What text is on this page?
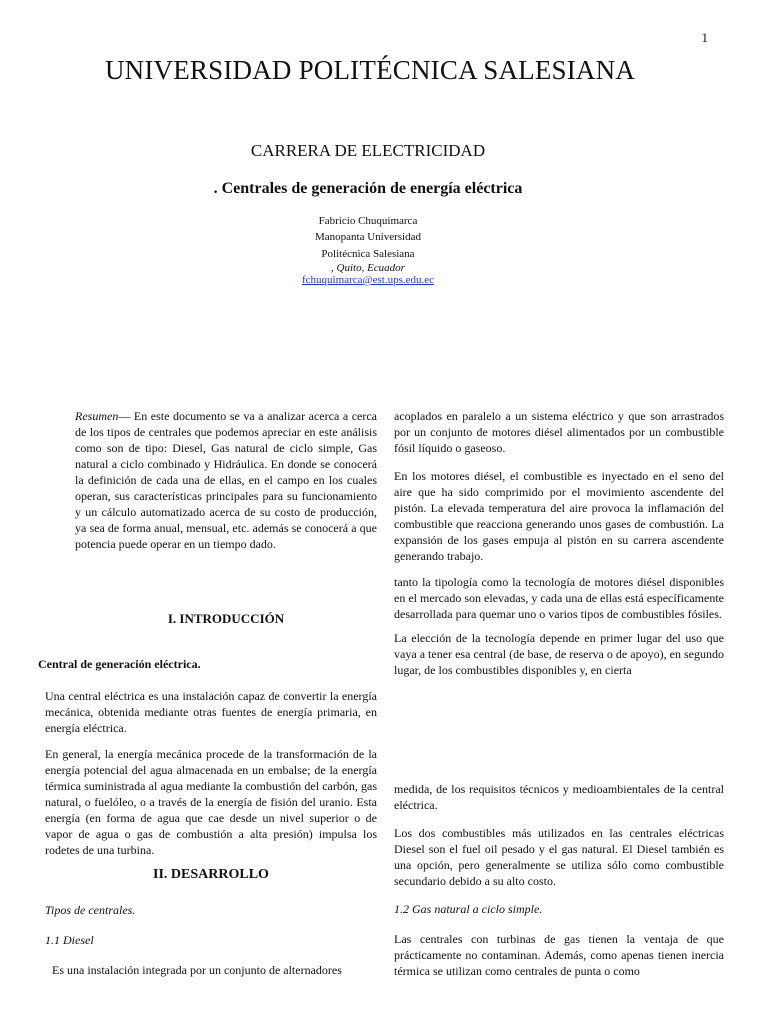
1
UNIVERSIDAD POLITÉCNICA SALESIANA
CARRERA DE ELECTRICIDAD
. Centrales de generación de energía eléctrica
Fabricio Chuquimarca
Manopanta Universidad
Politécnica Salesiana
, Quito, Ecuador
fchuquimarca@est.ups.edu.ec
Resumen— En este documento se va a analizar acerca a cerca de los tipos de centrales que podemos apreciar en este análisis como son de tipo: Diesel, Gas natural de ciclo simple, Gas natural a ciclo combinado y Hidráulica. En donde se conocerá la definición de cada una de ellas, en el campo en los cuales operan, sus características principales para su funcionamiento y un cálculo automatizado acerca de su costo de producción, ya sea de forma anual, mensual, etc. además se conocerá a que potencia puede operar en un tiempo dado.
I. INTRODUCCIÓN
Central de generación eléctrica.
Una central eléctrica es una instalación capaz de convertir la energía mecánica, obtenida mediante otras fuentes de energía primaria, en energía eléctrica.
En general, la energía mecánica procede de la transformación de la energía potencial del agua almacenada en un embalse; de la energía térmica suministrada al agua mediante la combustión del carbón, gas natural, o fuelóleo, o a través de la energía de fisión del uranio. Esta energía (en forma de agua que cae desde un nivel superior o de vapor de agua o gas de combustión a alta presión) impulsa los rodetes de una turbina.
II. DESARROLLO
Tipos de centrales.
1.1 Diesel
Es una instalación integrada por un conjunto de alternadores
acoplados en paralelo a un sistema eléctrico y que son arrastrados por un conjunto de motores diésel alimentados por un combustible fósil líquido o gaseoso.
En los motores diésel, el combustible es inyectado en el seno del aire que ha sido comprimido por el movimiento ascendente del pistón. La elevada temperatura del aire provoca la inflamación del combustible que reacciona generando unos gases de combustión. La expansión de los gases empuja al pistón en su carrera ascendente generando trabajo.
tanto la tipología como la tecnología de motores diésel disponibles en el mercado son elevadas, y cada una de ellas está específicamente desarrollada para quemar uno o varios tipos de combustibles fósiles.
La elección de la tecnología depende en primer lugar del uso que vaya a tener esa central (de base, de reserva o de apoyo), en segundo lugar, de los combustibles disponibles y, en cierta
medida, de los requisitos técnicos y medioambientales de la central eléctrica.
Los dos combustibles más utilizados en las centrales eléctricas Diesel son el fuel oil pesado y el gas natural. El Diesel también es una opción, pero generalmente se utiliza sólo como combustible secundario debido a su alto costo.
1.2 Gas natural a ciclo simple.
Las centrales con turbinas de gas tienen la ventaja de que prácticamente no contaminan. Además, como apenas tienen inercia térmica se utilizan como centrales de punta o como
